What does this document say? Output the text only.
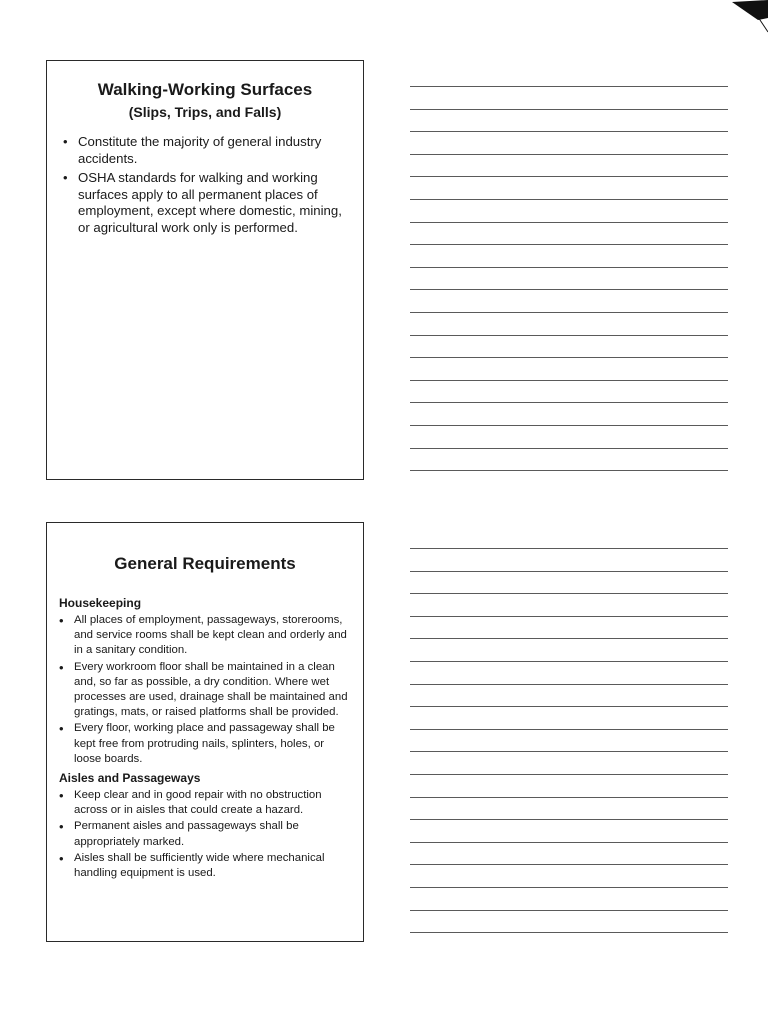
Walking-Working Surfaces
(Slips, Trips, and Falls)
• Constitute the majority of general industry accidents.
• OSHA standards for walking and working surfaces apply to all permanent places of employment, except where domestic, mining, or agricultural work only is performed.
General Requirements
Housekeeping
• All places of employment, passageways, storerooms, and service rooms shall be kept clean and orderly and in a sanitary condition.
• Every workroom floor shall be maintained in a clean and, so far as possible, a dry condition. Where wet processes are used, drainage shall be maintained and gratings, mats, or raised platforms shall be provided.
• Every floor, working place and passageway shall be kept free from protruding nails, splinters, holes, or loose boards.
Aisles and Passageways
• Keep clear and in good repair with no obstruction across or in aisles that could create a hazard.
• Permanent aisles and passageways shall be appropriately marked.
• Aisles shall be sufficiently wide where mechanical handling equipment is used.
